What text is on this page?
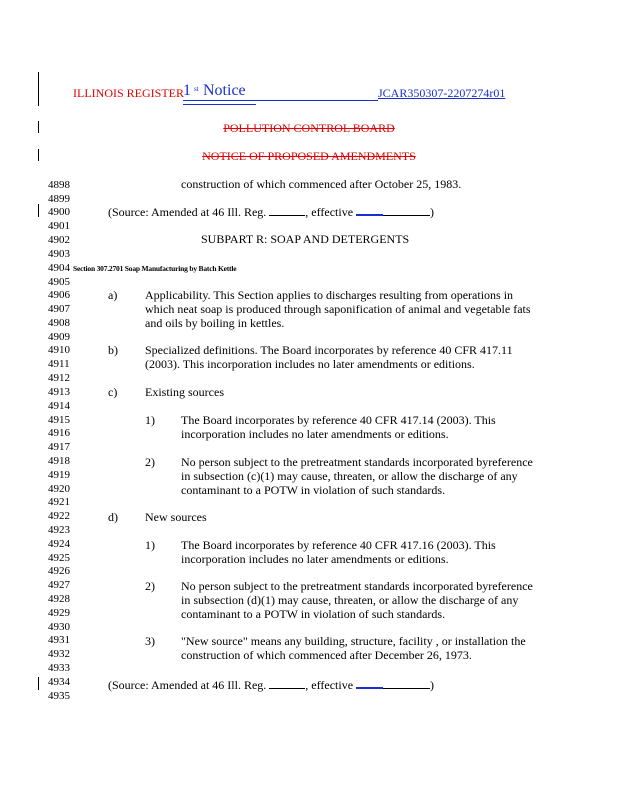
ILLINOIS REGISTER 1 st Notice	JCAR350307-2207274r01
POLLUTION CONTROL BOARD
NOTICE OF PROPOSED AMENDMENTS
4898
4899
4900
4901
4902
4903
4904
4905
4906
4907
4908
4909
4910
4911
4912
4913
4914
4915
4916
4917
4918
4919
4920
4921
4922
4923
4924
4925
4926
4927
4928
4929
4930
4931
4932
4933
4934
4935
construction of which commenced after October 25, 1983.
(Source: Amended at 46 Ill. Reg.	, effective	)
SUBPART R: SOAP AND DETERGENTS
Section 307.2701 Soap Manufacturing by Batch Kettle
a) Applicability. This Section applies to discharges resulting from operations in
which neat soap is produced through saponification of animal and vegetable fats
and oils by boiling in kettles.
b) Specialized definitions. The Board incorporates by reference 40 CFR 417.11
(2003). This incorporation includes no later amendments or editions.
c) Existing sources
1) The Board incorporates by reference 40 CFR 417.14 (2003). This
incorporation includes no later amendments or editions.
2) No person subject to the pretreatment standards incorporated byreference
in subsection (c)(1) may cause, threaten, or allow the discharge of any
contaminant to a POTW in violation of such standards.
d) New sources
1) The Board incorporates by reference 40 CFR 417.16 (2003). This
incorporation includes no later amendments or editions.
2) No person subject to the pretreatment standards incorporated byreference
in subsection (d)(1) may cause, threaten, or allow the discharge of any
contaminant to a POTW in violation of such standards.
3) "New source" means any building, structure, facility , or installation the
construction of which commenced after December 26, 1973.
(Source: Amended at 46 Ill. Reg.	, effective	)
